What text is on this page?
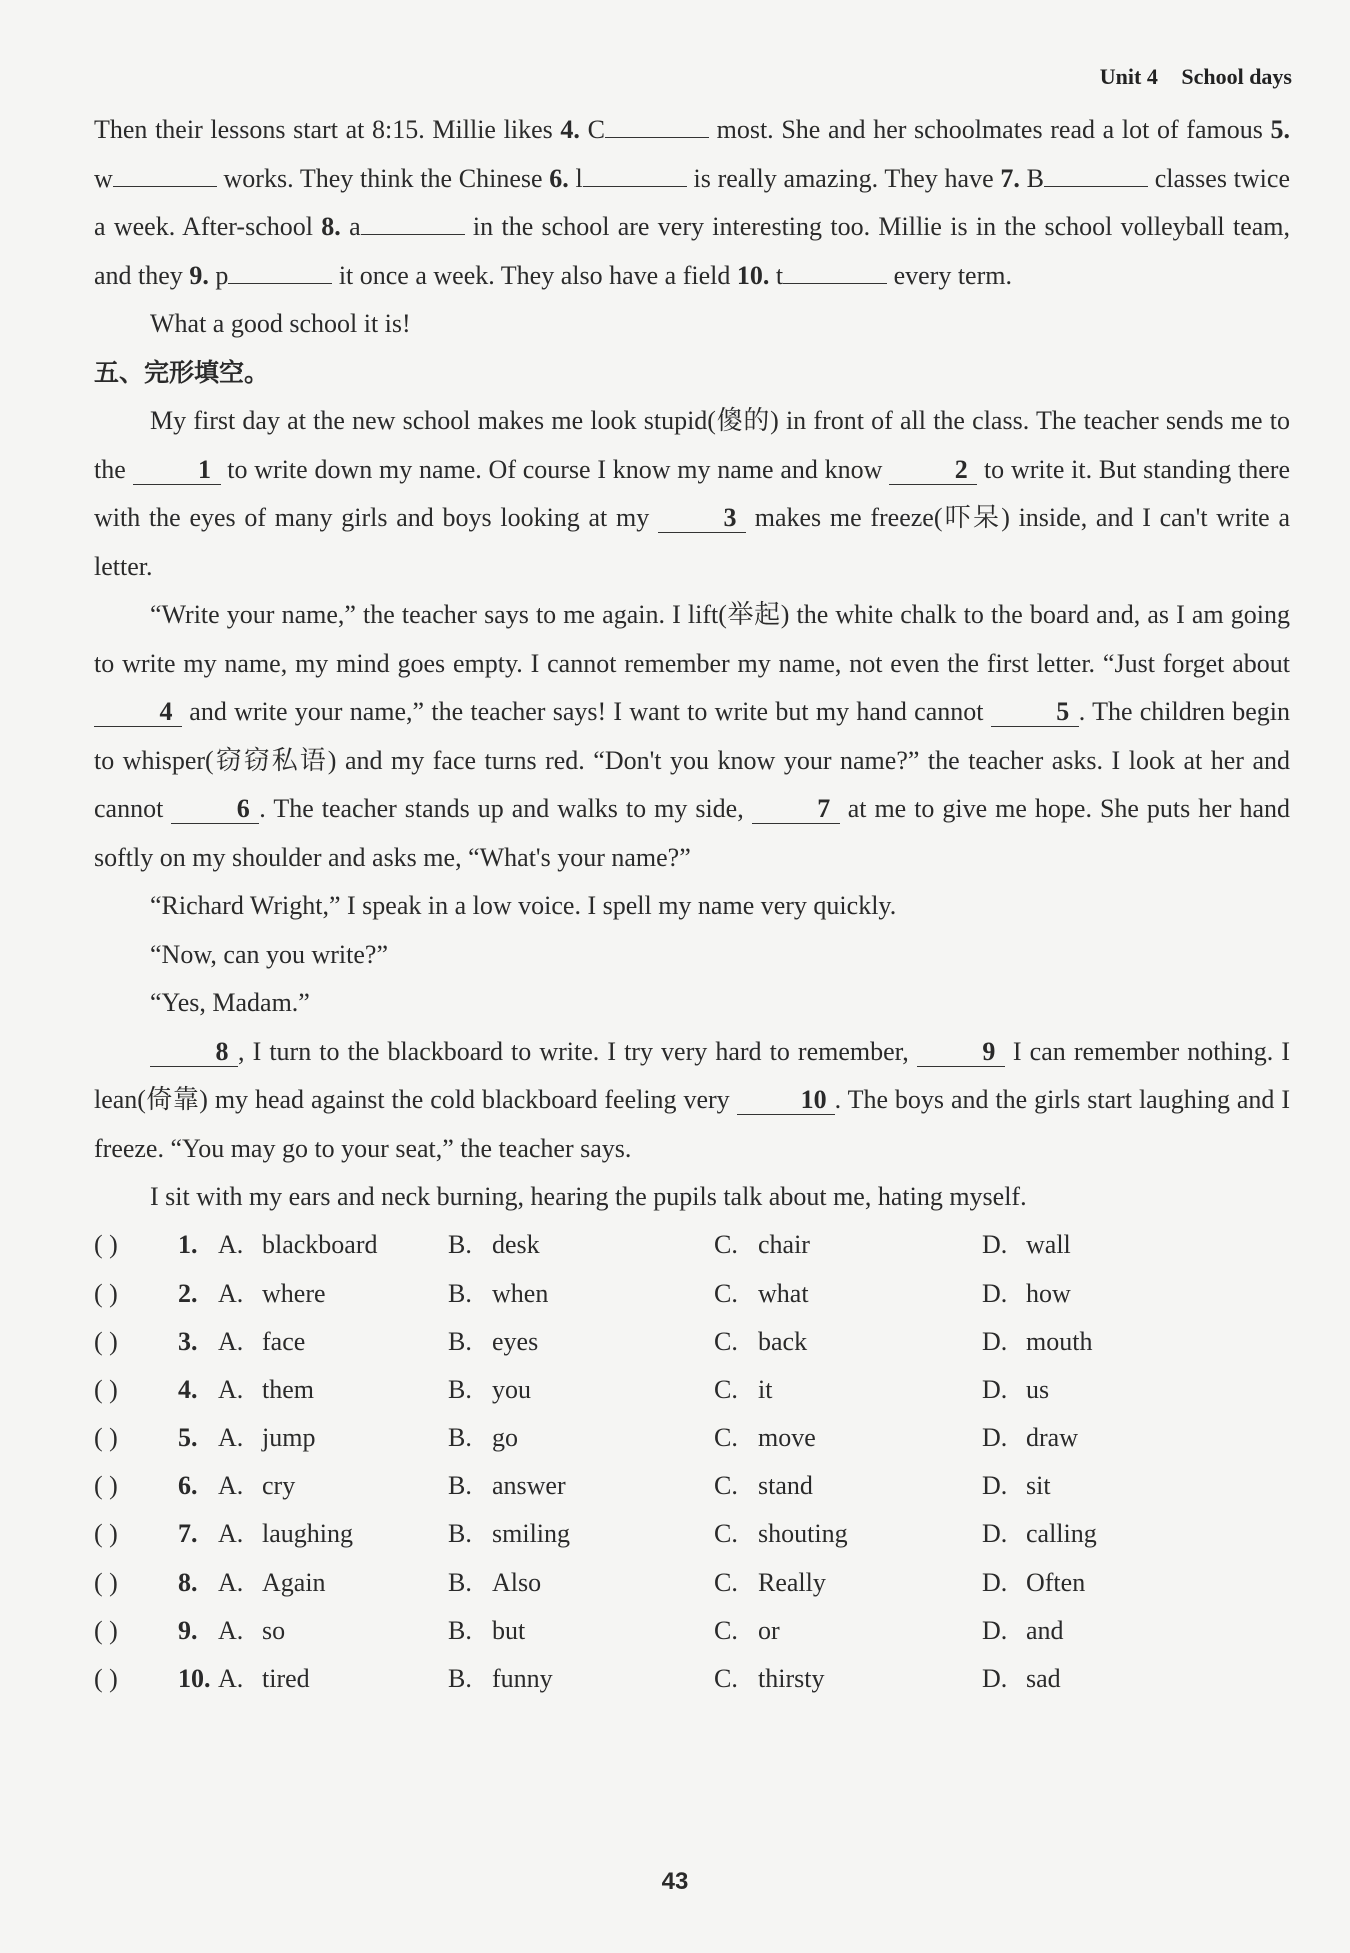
Unit 4 School days

Then their lessons start at 8:15. Millie likes 4. C	most. She and her schoolmates read a lot of famous 5. w	works. They think the Chinese 6. l	is really amazing. They have 7. B	classes twice a week. After-school 8. a	in the school are very interesting too. Millie is in the school volleyball team, and they 9. p	it once a week. They also have a field 10. t	every term.

What a good school it is!

五、完形填空。

My first day at the new school makes me look stupid(傻的) in front of all the class. The teacher sends me to the	1 to write down my name. Of course I know my name and know	2 to write it. But standing there with the eyes of many girls and boys looking at my	3 makes me freeze(吓呆) inside, and I can't write a letter.

“Write your name,” the teacher says to me again. I lift(举起) the white chalk to the board and, as I am going to write my name, my mind goes empty. I cannot remember my name, not even the first letter. “Just forget about 4 and write your name,” the teacher says! I want to write but my hand cannot	5 . The children begin to whisper(窃窃私语) and my face turns red. “Don't you know your name?” the teacher asks. I look at her and cannot	6 . The teacher stands up and walks to my side,	7 at me to give me hope. She puts her hand softly on my shoulder and asks me, “What's your name?”

“Richard Wright,” I speak in a low voice. I spell my name very quickly.

“Now, can you write?”

“Yes, Madam.”

8 , I turn to the blackboard to write. I try very hard to remember,	9 I can remember nothing. I lean(倚靠) my head against the cold blackboard feeling very 10 . The boys and the girls start laughing and I freeze. “You may go to your seat,” the teacher says.

I sit with my ears and neck burning, hearing the pupils talk about me, hating myself.

( )	1. A. blackboard	B. desk	C. chair	D. wall
( )	2. A. where	B. when	C. what	D. how
( )	3. A. face	B. eyes	C. back	D. mouth
( )	4. A. them	B. you	C. it	D. us
( )	5. A. jump	B. go	C. move	D. draw
( )	6. A. cry	B. answer	C. stand	D. sit
( )	7. A. laughing	B. smiling	C. shouting	D. calling
( )	8. A. Again	B. Also	C. Really	D. Often
( )	9. A. so	B. but	C. or	D. and
( )	10. A. tired	B. funny	C. thirsty	D. sad
43
